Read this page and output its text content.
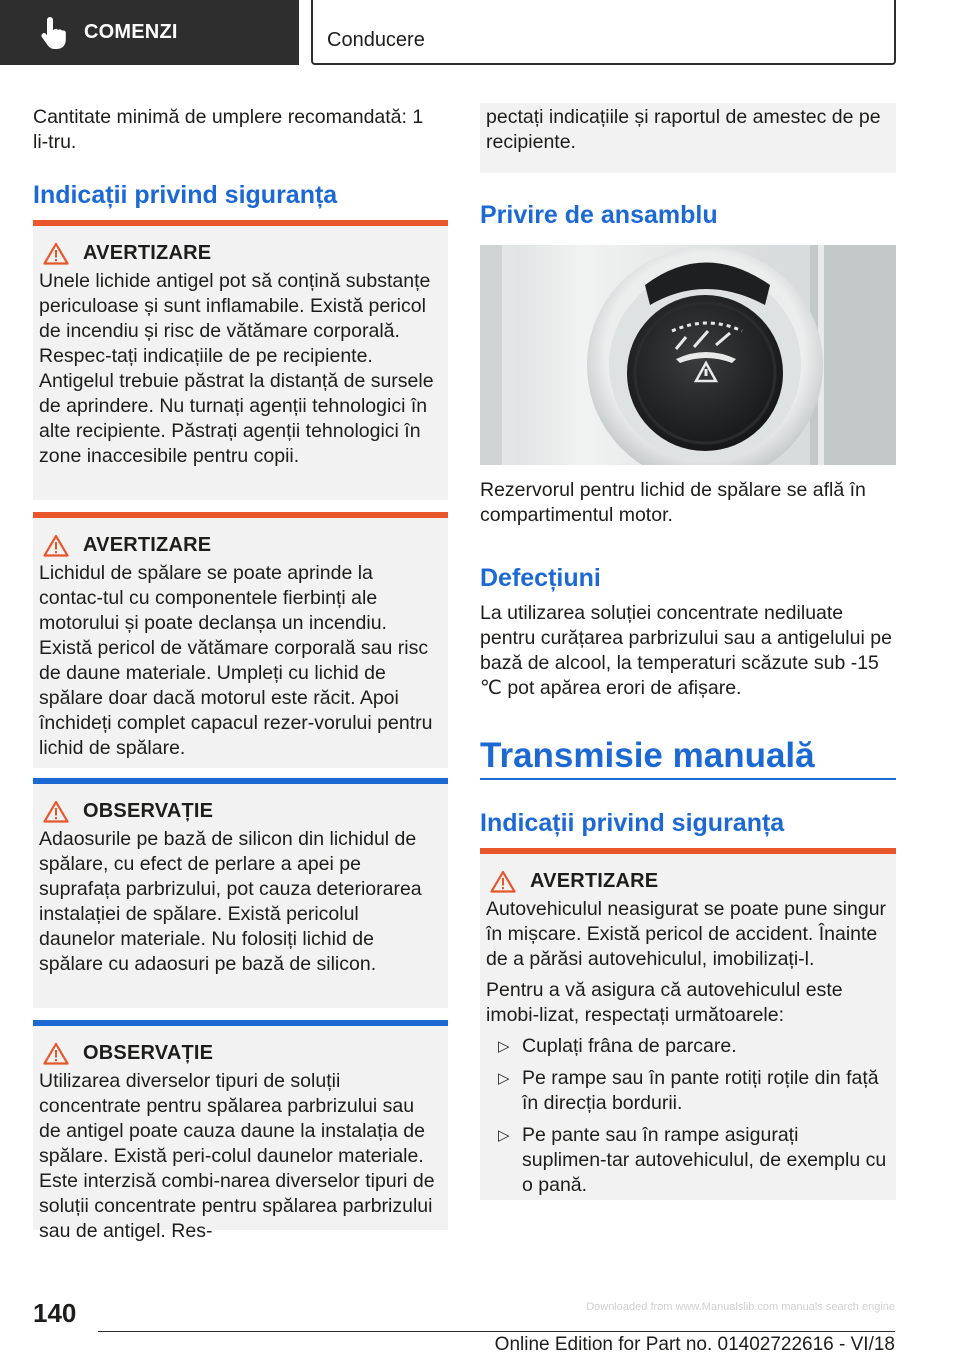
COMENZI	Conducere

Cantitate minimă de umplere recomandată: 1 li‐tru.

Indicații privind siguranța
AVERTIZARE

Unele lichide antigel pot să conțină substanțe periculoase și sunt inflamabile. Există pericol de incendiu și risc de vătămare corporală. Respec‐tați indicațiile de pe recipiente. Antigelul trebuie păstrat la distanță de sursele de aprindere. Nu turnați agenții tehnologici în alte recipiente. Păstrați agenții tehnologici în zone inaccesibile pentru copii.

AVERTIZARE

Lichidul de spălare se poate aprinde la contac‐tul cu componentele fierbinți ale motorului și poate declanșa un incendiu. Există pericol de vătămare corporală sau risc de daune materiale. Umpleți cu lichid de spălare doar dacă motorul este răcit. Apoi închideți complet capacul rezer‐vorului pentru lichid de spălare.

OBSERVAȚIE

Adaosurile pe bază de silicon din lichidul de spălare, cu efect de perlare a apei pe suprafața parbrizului, pot cauza deteriorarea instalației de spălare. Există pericolul daunelor materiale. Nu folosiți lichid de spălare cu adaosuri pe bază de silicon.

OBSERVAȚIE

Utilizarea diverselor tipuri de soluții concentrate pentru spălarea parbrizului sau de antigel poate cauza daune la instalația de spălare. Există peri‐colul daunelor materiale. Este interzisă combi‐narea diverselor tipuri de soluții concentrate pentru spălarea parbrizului sau de antigel. Res‐

pectați indicațiile și raportul de amestec de pe recipiente.

Privire de ansamblu

Rezervorul pentru lichid de spălare se află în compartimentul motor.

Defecțiuni

La utilizarea soluției concentrate nediluate pentru curățarea parbrizului sau a antigelului pe bază de alcool, la temperaturi scăzute sub -15 ℃ pot apărea erori de afișare.

Transmisie manuală
Indicații privind siguranța
AVERTIZARE

Autovehiculul neasigurat se poate pune singur în mișcare. Există pericol de accident. Înainte de a părăsi autovehiculul, imobilizați-l.

Pentru a vă asigura că autovehiculul este imobi‐lizat, respectați următoarele:

▷ Cuplați frâna de parcare.
▷ Pe rampe sau în pante rotiți roțile din față în direcția bordurii.
▷ Pe pante sau în rampe asigurați suplimen‐tar autovehiculul, de exemplu cu o pană.
140
Online Edition for Part no. 01402722616 - VI/18
Downloaded from www.Manualslib.com manuals search engine
